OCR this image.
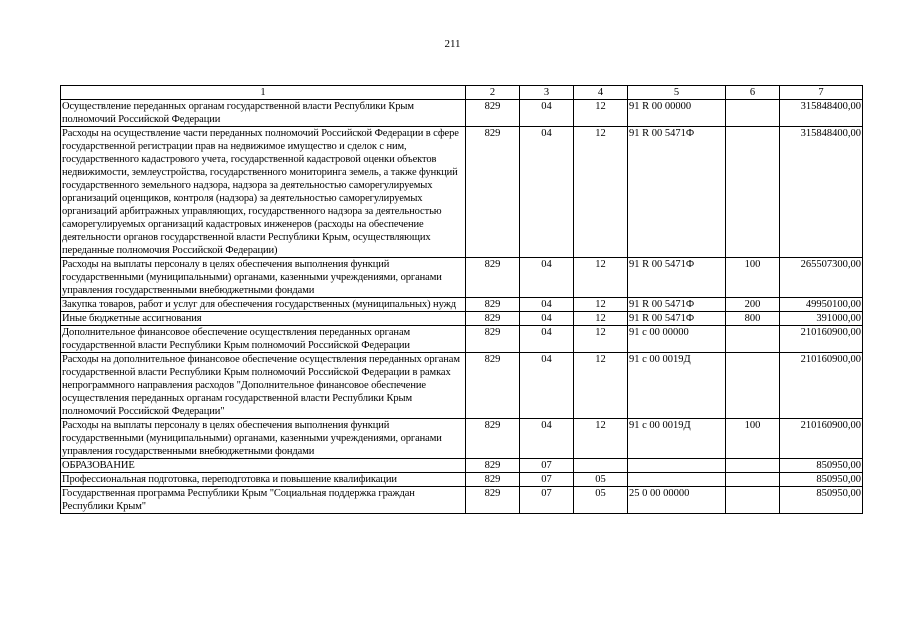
211
1	2	3	4	5	6	7
Осуществление переданных органам государственной власти Республики Крым полномочий Российской Федерации	829	04	12	91 R 00 00000		315848400,00
Расходы на осуществление части переданных полномочий Российской Федерации в сфере государственной регистрации прав на недвижимое имущество и сделок с ним, государственного кадастрового учета, государственной кадастровой оценки объектов недвижимости, землеустройства, государственного мониторинга земель, а также функций государственного земельного надзора, надзора за деятельностью саморегулируемых организаций оценщиков, контроля (надзора) за деятельностью саморегулируемых организаций арбитражных управляющих, государственного надзора за деятельностью саморегулируемых организаций кадастровых инженеров (расходы на обеспечение деятельности органов государственной власти Республики Крым, осуществляющих переданные полномочия Российской Федерации)	829	04	12	91 R 00 5471Ф		315848400,00
Расходы на выплаты персоналу в целях обеспечения выполнения функций государственными (муниципальными) органами, казенными учреждениями, органами управления государственными внебюджетными фондами	829	04	12	91 R 00 5471Ф	100	265507300,00
Закупка товаров, работ и услуг для обеспечения государственных (муниципальных) нужд	829	04	12	91 R 00 5471Ф	200	49950100,00
Иные бюджетные ассигнования	829	04	12	91 R 00 5471Ф	800	391000,00
Дополнительное финансовое обеспечение осуществления переданных органам государственной власти Республики Крым полномочий Российской Федерации	829	04	12	91 с 00 00000		210160900,00
Расходы на дополнительное финансовое обеспечение осуществления переданных органам государственной власти Республики Крым полномочий Российской Федерации в рамках непрограммного направления расходов "Дополнительное финансовое обеспечение осуществления переданных органам государственной власти Республики Крым полномочий Российской Федерации"	829	04	12	91 с 00 0019Д		210160900,00
Расходы на выплаты персоналу в целях обеспечения выполнения функций государственными (муниципальными) органами, казенными учреждениями, органами управления государственными внебюджетными фондами	829	04	12	91 с 00 0019Д	100	210160900,00
ОБРАЗОВАНИЕ	829	07				850950,00
Профессиональная подготовка, переподготовка и повышение квалификации	829	07	05			850950,00
Государственная программа Республики Крым "Социальная поддержка граждан Республики Крым"	829	07	05	25 0 00 00000		850950,00
